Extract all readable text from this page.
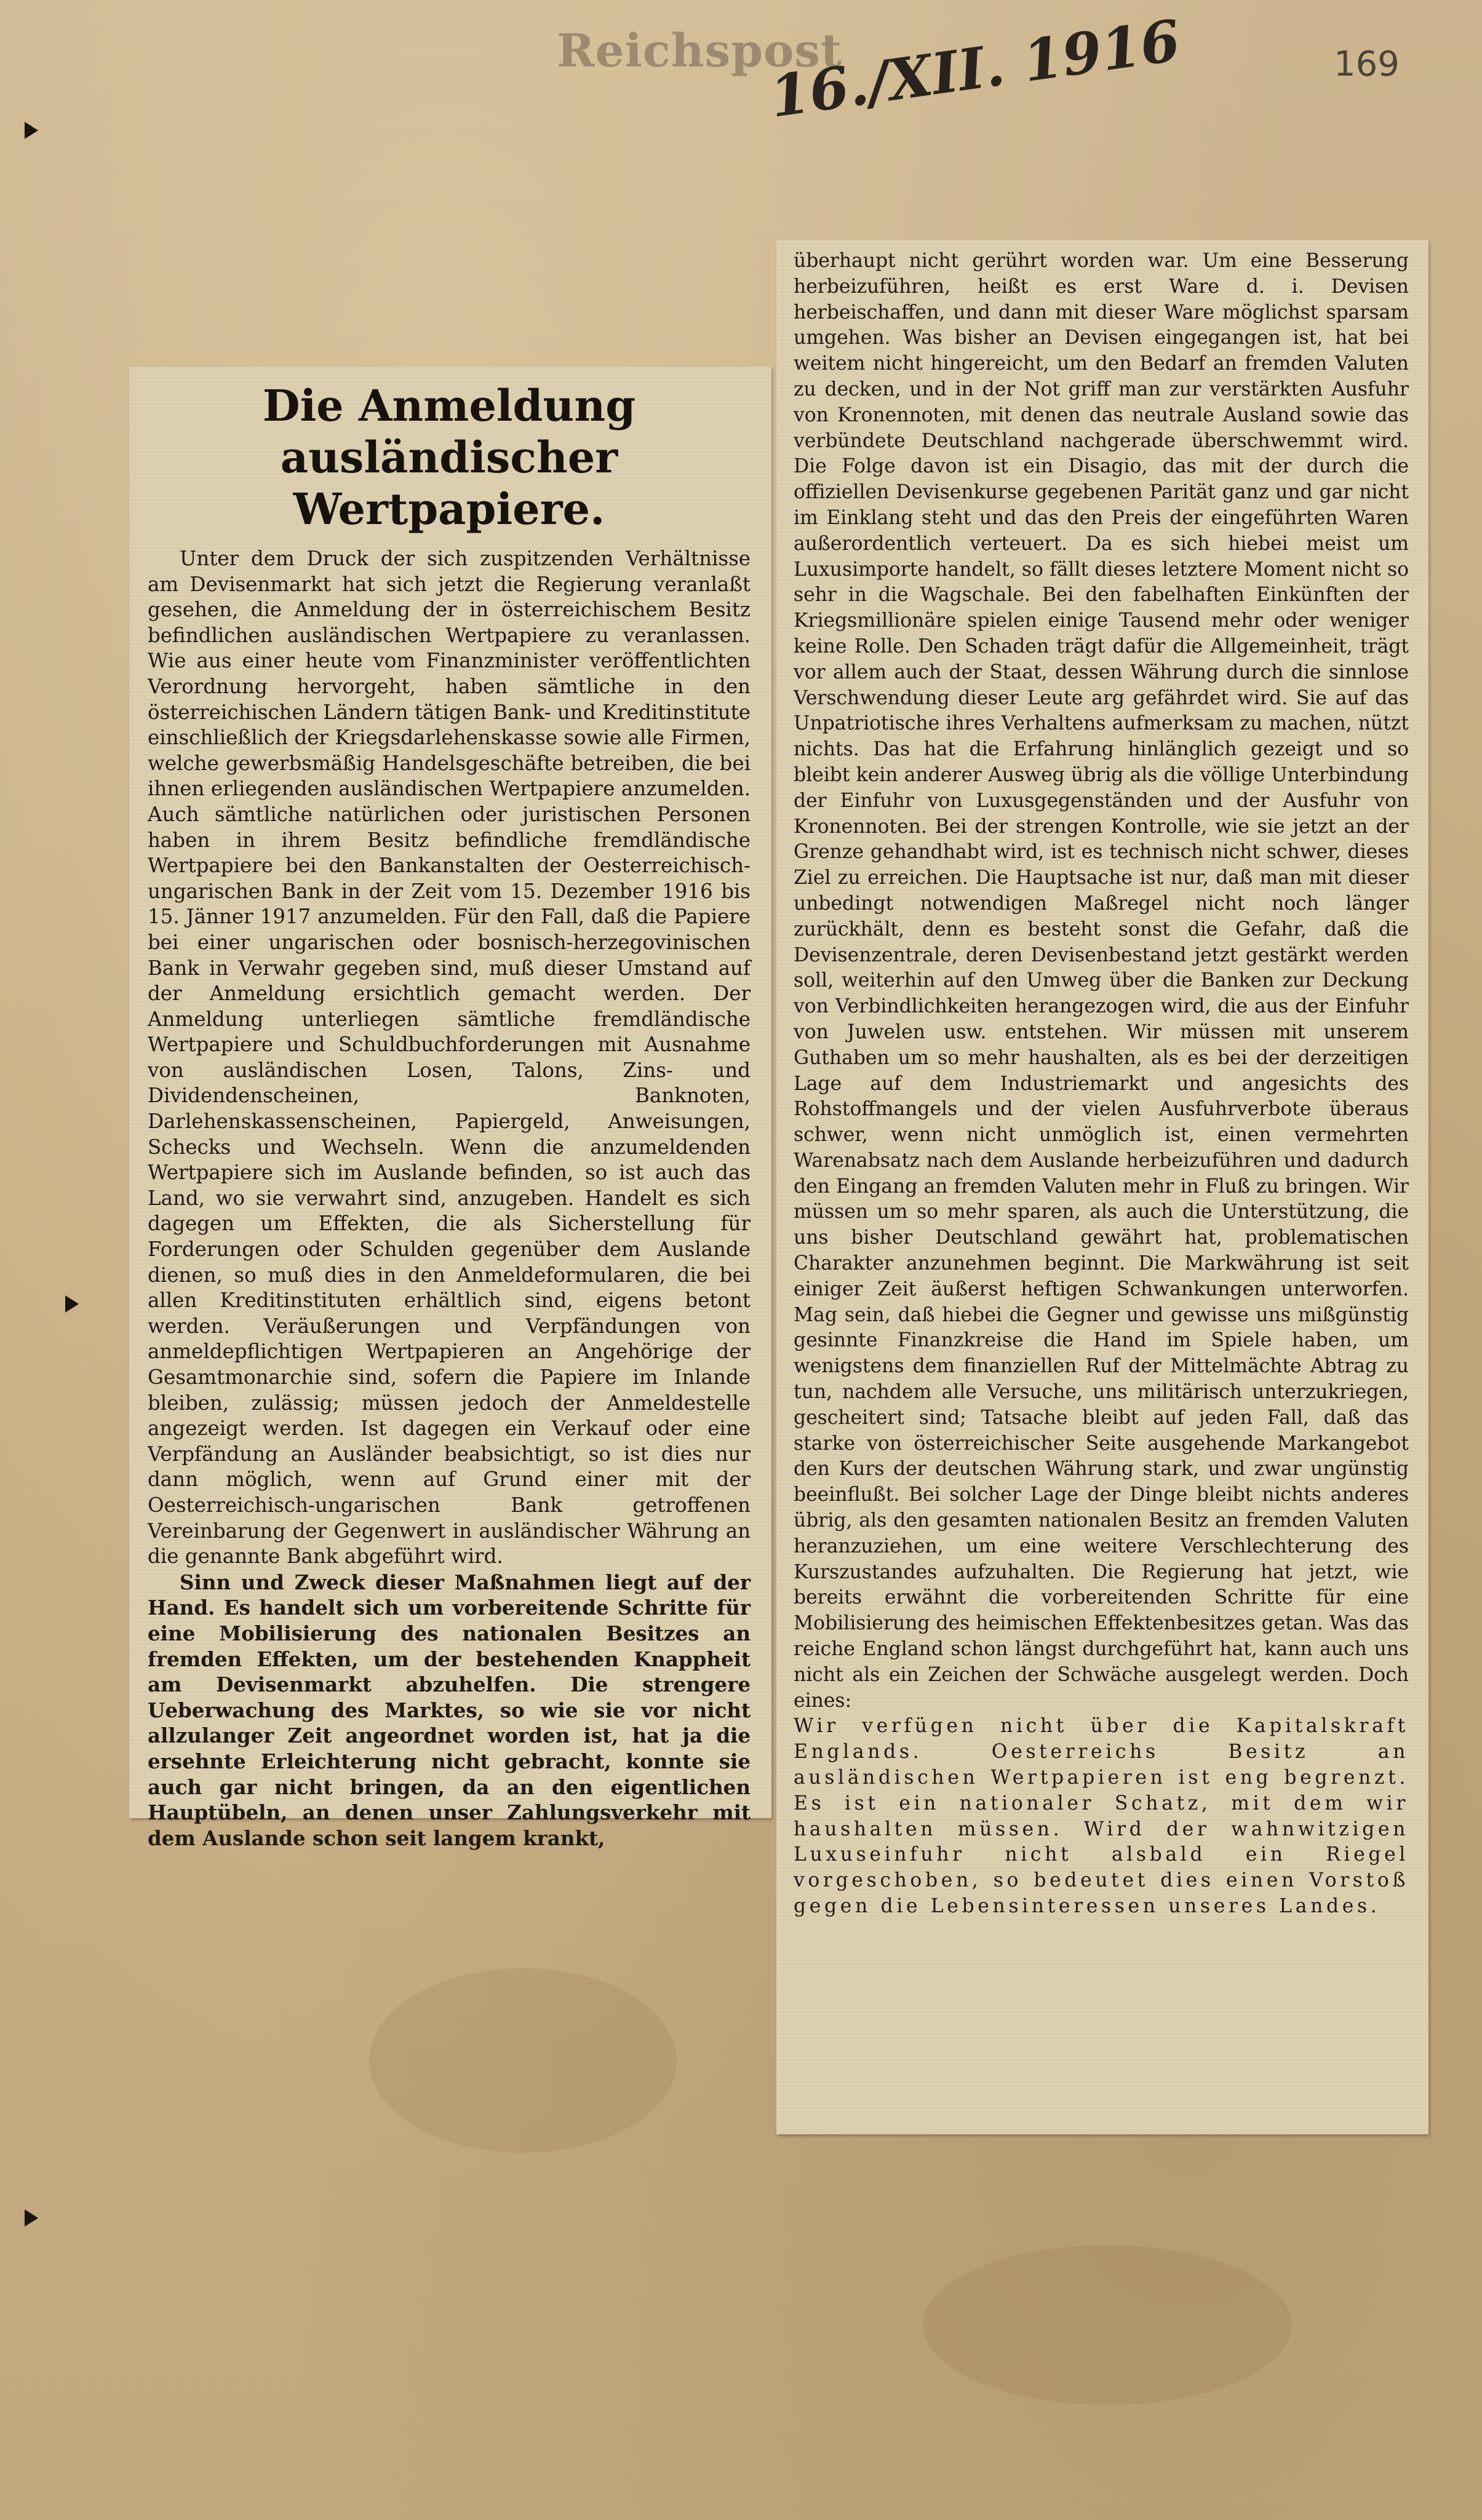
Reichspost
16./XII. 1916	169
Die Anmeldung ausländischer Wertpapiere.

Unter dem Druck der sich zuspitzenden Verhältnisse am Devisenmarkt hat sich jetzt die Regierung veranlaßt gesehen, die Anmeldung der in österreichischem Besitz befindlichen ausländischen Wertpapiere zu veranlassen. Wie aus einer heute vom Finanzminister veröffentlichten Verordnung hervorgeht, haben sämtliche in den österreichischen Ländern tätigen Bank- und Kreditinstitute einschließlich der Kriegsdarlehenskasse sowie alle Firmen, welche gewerbsmäßig Handelsgeschäfte betreiben, die bei ihnen erliegenden ausländischen Wertpapiere anzumelden. Auch sämtliche natürlichen oder juristischen Personen haben in ihrem Besitz befindliche fremdländische Wertpapiere bei den Bankanstalten der Oesterreichisch-ungarischen Bank in der Zeit vom 15. Dezember 1916 bis 15. Jänner 1917 anzumelden. Für den Fall, daß die Papiere bei einer ungarischen oder bosnisch-herzegovinischen Bank in Verwahr gegeben sind, muß dieser Umstand auf der Anmeldung ersichtlich gemacht werden. Der Anmeldung unterliegen sämtliche fremdländische Wertpapiere und Schuldbuchforderungen mit Ausnahme von ausländischen Losen, Talons, Zins- und Dividendenscheinen, Banknoten, Darlehenskassenscheinen, Papiergeld, Anweisungen, Schecks und Wechseln. Wenn die anzumeldenden Wertpapiere sich im Auslande befinden, so ist auch das Land, wo sie verwahrt sind, anzugeben. Handelt es sich dagegen um Effekten, die als Sicherstellung für Forderungen oder Schulden gegenüber dem Auslande dienen, so muß dies in den Anmeldeformularen, die bei allen Kreditinstituten erhältlich sind, eigens betont werden. Veräußerungen und Verpfändungen von anmeldepflichtigen Wertpapieren an Angehörige der Gesamtmonarchie sind, sofern die Papiere im Inlande bleiben, zulässig; müssen jedoch der Anmeldestelle angezeigt werden. Ist dagegen ein Verkauf oder eine Verpfändung an Ausländer beabsichtigt, so ist dies nur dann möglich, wenn auf Grund einer mit der Oesterreichisch-ungarischen Bank getroffenen Vereinbarung der Gegenwert in ausländischer Währung an die genannte Bank abgeführt wird.

Sinn und Zweck dieser Maßnahmen liegt auf der Hand. Es handelt sich um vorbereitende Schritte für eine Mobilisierung des nationalen Besitzes an fremden Effekten, um der bestehenden Knappheit am Devisenmarkt abzuhelfen. Die strengere Ueberwachung des Marktes, so wie sie vor nicht allzulanger Zeit angeordnet worden ist, hat ja die ersehnte Erleichterung nicht gebracht, konnte sie auch gar nicht bringen, da an den eigentlichen Hauptübeln, an denen unser Zahlungsverkehr mit dem Auslande schon seit langem krankt,

überhaupt nicht gerührt worden war. Um eine Besserung herbeizuführen, heißt es erst Ware d. i. Devisen herbeischaffen, und dann mit dieser Ware möglichst sparsam umgehen. Was bisher an Devisen eingegangen ist, hat bei weitem nicht hingereicht, um den Bedarf an fremden Valuten zu decken, und in der Not griff man zur verstärkten Ausfuhr von Kronennoten, mit denen das neutrale Ausland sowie das verbündete Deutschland nachgerade überschwemmt wird. Die Folge davon ist ein Disagio, das mit der durch die offiziellen Devisenkurse gegebenen Parität ganz und gar nicht im Einklang steht und das den Preis der eingeführten Waren außerordentlich verteuert. Da es sich hiebei meist um Luxusimporte handelt, so fällt dieses letztere Moment nicht so sehr in die Wagschale. Bei den fabelhaften Einkünften der Kriegsmillionäre spielen einige Tausend mehr oder weniger keine Rolle. Den Schaden trägt dafür die Allgemeinheit, trägt vor allem auch der Staat, dessen Währung durch die sinnlose Verschwendung dieser Leute arg gefährdet wird. Sie auf das Unpatriotische ihres Verhaltens aufmerksam zu machen, nützt nichts. Das hat die Erfahrung hinlänglich gezeigt und so bleibt kein anderer Ausweg übrig als die völlige Unterbindung der Einfuhr von Luxusgegenständen und der Ausfuhr von Kronennoten. Bei der strengen Kontrolle, wie sie jetzt an der Grenze gehandhabt wird, ist es technisch nicht schwer, dieses Ziel zu erreichen. Die Hauptsache ist nur, daß man mit dieser unbedingt notwendigen Maßregel nicht noch länger zurückhält, denn es besteht sonst die Gefahr, daß die Devisenzentrale, deren Devisenbestand jetzt gestärkt werden soll, weiterhin auf den Umweg über die Banken zur Deckung von Verbindlichkeiten herangezogen wird, die aus der Einfuhr von Juwelen usw. entstehen. Wir müssen mit unserem Guthaben um so mehr haushalten, als es bei der derzeitigen Lage auf dem Industriemarkt und angesichts des Rohstoffmangels und der vielen Ausfuhrverbote überaus schwer, wenn nicht unmöglich ist, einen vermehrten Warenabsatz nach dem Auslande herbeizuführen und dadurch den Eingang an fremden Valuten mehr in Fluß zu bringen. Wir müssen um so mehr sparen, als auch die Unterstützung, die uns bisher Deutschland gewährt hat, problematischen Charakter anzunehmen beginnt. Die Markwährung ist seit einiger Zeit äußerst heftigen Schwankungen unterworfen. Mag sein, daß hiebei die Gegner und gewisse uns mißgünstig gesinnte Finanzkreise die Hand im Spiele haben, um wenigstens dem finanziellen Ruf der Mittelmächte Abtrag zu tun, nachdem alle Versuche, uns militärisch unterzukriegen, gescheitert sind; Tatsache bleibt auf jeden Fall, daß das starke von österreichischer Seite ausgehende Markangebot den Kurs der deutschen Währung stark, und zwar ungünstig beeinflußt. Bei solcher Lage der Dinge bleibt nichts anderes übrig, als den gesamten nationalen Besitz an fremden Valuten heranzuziehen, um eine weitere Verschlechterung des Kurszustandes aufzuhalten. Die Regierung hat jetzt, wie bereits erwähnt die vorbereitenden Schritte für eine Mobilisierung des heimischen Effektenbesitzes getan. Was das reiche England schon längst durchgeführt hat, kann auch uns nicht als ein Zeichen der Schwäche ausgelegt werden. Doch eines:

Wir verfügen nicht über die Kapitalskraft Englands. Oesterreichs Besitz an ausländischen Wertpapieren ist eng begrenzt. Es ist ein nationaler Schatz, mit dem wir haushalten müssen. Wird der wahnwitzigen Luxuseinfuhr nicht alsbald ein Riegel vorgeschoben, so bedeutet dies einen Vorstoß gegen die Lebensinteressen unseres Landes.
